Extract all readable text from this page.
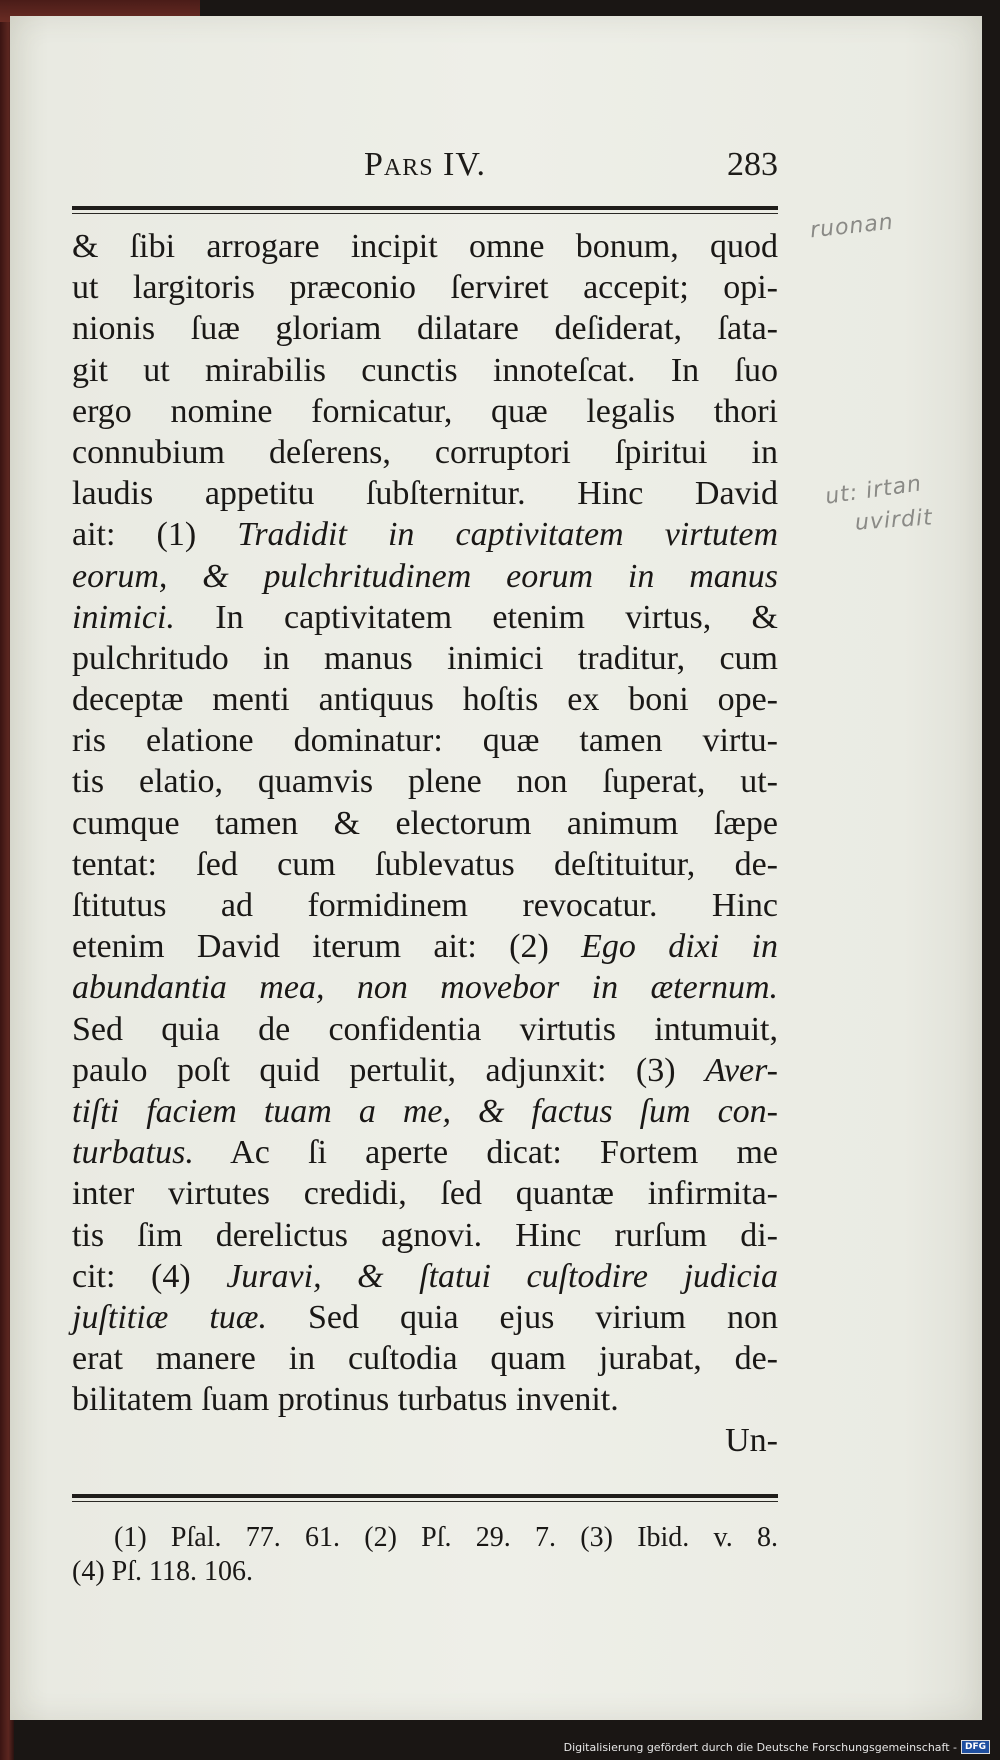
Pars IV.	283
& ſibi arrogare incipit omne bonum, quod
ut largitoris præconio ſerviret accepit; opi-
nionis ſuæ gloriam dilatare deſiderat, ſata-
git ut mirabilis cunctis innoteſcat. In ſuo
ergo nomine fornicatur, quæ legalis thori
connubium deſerens, corruptori ſpiritui in
laudis appetitu ſubſternitur. Hinc David
ait: (1) Tradidit in captivitatem virtutem
eorum, & pulchritudinem eorum in manus
inimici. In captivitatem etenim virtus, &
pulchritudo in manus inimici traditur, cum
deceptæ menti antiquus hoſtis ex boni ope-
ris elatione dominatur: quæ tamen virtu-
tis elatio, quamvis plene non ſuperat, ut-
cumque tamen & electorum animum ſæpe
tentat: ſed cum ſublevatus deſtituitur, de-
ſtitutus ad formidinem revocatur. Hinc
etenim David iterum ait: (2) Ego dixi in
abundantia mea, non movebor in æternum.
Sed quia de confidentia virtutis intumuit,
paulo poſt quid pertulit, adjunxit: (3) Aver-
tiſti faciem tuam a me, & factus ſum con-
turbatus. Ac ſi aperte dicat: Fortem me
inter virtutes credidi, ſed quantæ infirmita-
tis ſim derelictus agnovi. Hinc rurſum di-
cit: (4) Juravi, & ſtatui cuſtodire judicia
juſtitiæ tuæ. Sed quia ejus virium non
erat manere in cuſtodia quam jurabat, de-
bilitatem ſuam protinus turbatus invenit.
Un-
(1) Pſal. 77. 61. (2) Pſ. 29. 7. (3) Ibid. v. 8.
(4) Pſ. 118. 106.
ruonan
ut: irtan
uvirdit
Digitalisierung gefördert durch die Deutsche Forschungsgemeinschaft - DFG
